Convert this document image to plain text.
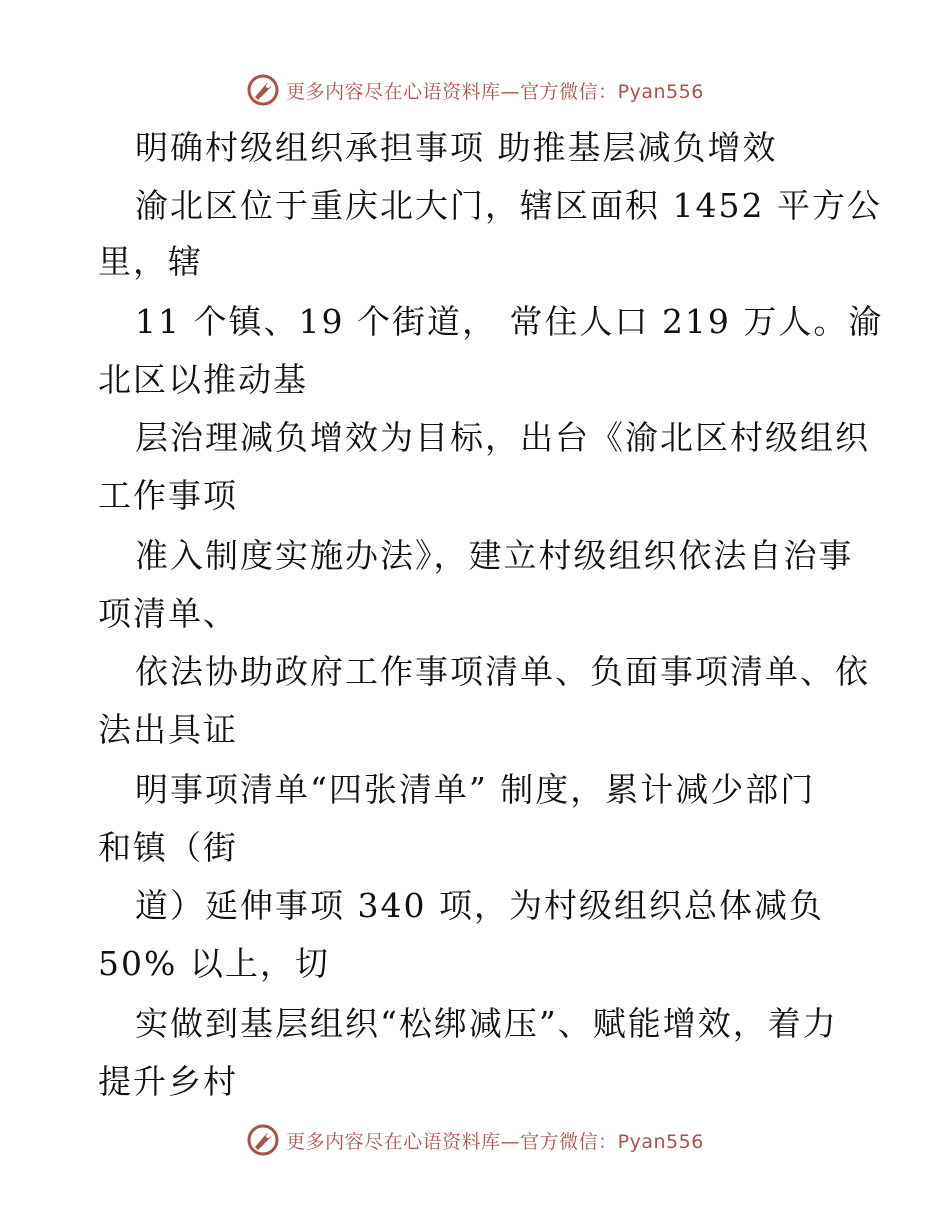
更多内容尽在心语资料库—官方微信：Pyan556
明确村级组织承担事项 助推基层减负增效
渝北区位于重庆北大门，辖区面积 1452 平方公
里，辖
11 个镇、19 个街道， 常住人口 219 万人。渝
北区以推动基
层治理减负增效为目标，出台《渝北区村级组织
工作事项
准入制度实施办法》，建立村级组织依法自治事
项清单、
依法协助政府工作事项清单、负面事项清单、依
法出具证
明事项清单“四张清单” 制度，累计减少部门
和镇（街
道）延伸事项 340 项，为村级组织总体减负
50% 以上，切
实做到基层组织“松绑减压”、赋能增效，着力
提升乡村
更多内容尽在心语资料库—官方微信：Pyan556
